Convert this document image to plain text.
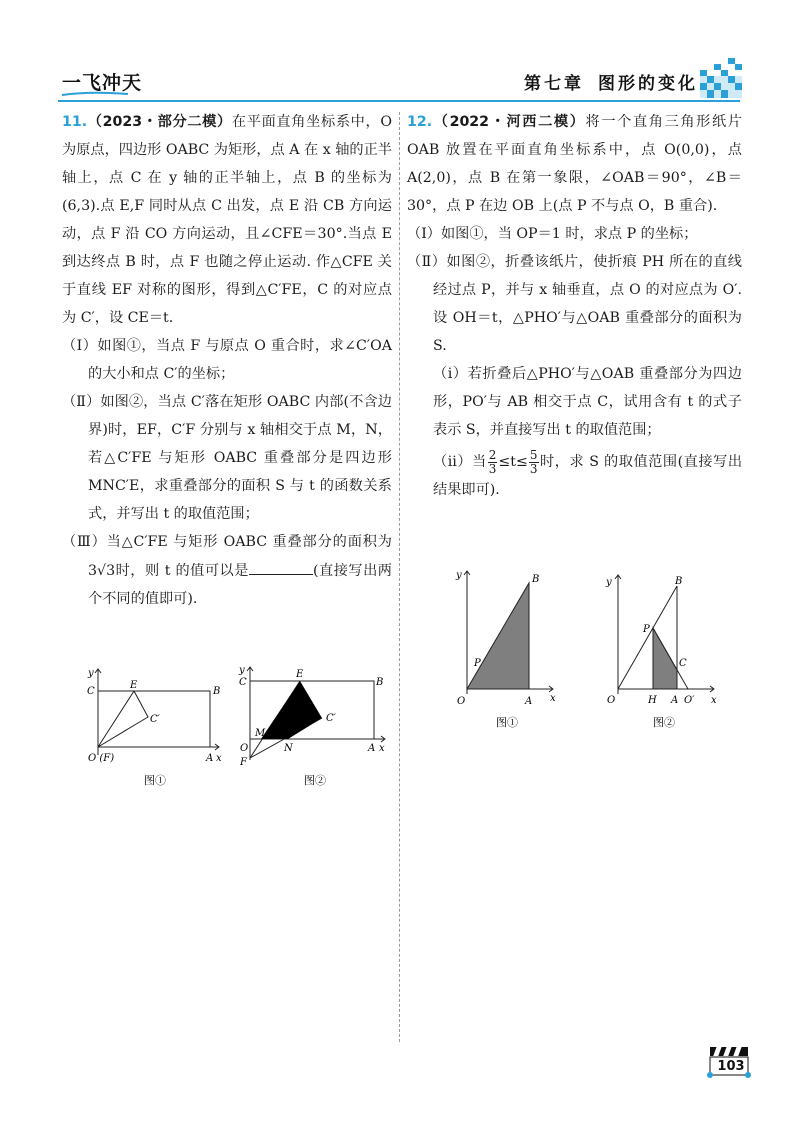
一飞冲天	第七章 图形的变化

11.（2023・部分二模）在平面直角坐标系中，O为原点，四边形 OABC 为矩形，点 A 在 x 轴的正半轴上，点 C 在 y 轴的正半轴上，点 B 的坐标为(6,3).点 E,F 同时从点 C 出发，点 E 沿 CB 方向运动，点 F 沿 CO 方向运动，且∠CFE＝30°.当点 E 到达终点 B 时，点 F 也随之停止运动. 作△CFE 关于直线 EF 对称的图形，得到△C′FE，C 的对应点为 C′，设 CE＝t.

（Ⅰ）如图①，当点 F 与原点 O 重合时，求∠C′OA 的大小和点 C′的坐标；

（Ⅱ）如图②，当点 C′落在矩形 OABC 内部(不含边界)时，EF，C′F 分别与 x 轴相交于点 M，N，若△C′FE 与矩形 OABC 重叠部分是四边形 MNC′E，求重叠部分的面积 S 与 t 的函数关系式，并写出 t 的取值范围；

（Ⅲ）当△C′FE 与矩形 OABC 重叠部分的面积为 3√3时，则 t 的值可以是	(直接写出两个不同的值即可).

y
C
E
B
C′
O (F)	A x
图①
y
C
E
B
C′
M
N
O
F
A x
图②

12.（2022・河西二模）将一个直角三角形纸片 OAB 放置在平面直角坐标系中，点 O(0,0)，点 A(2,0)，点 B 在第一象限，∠OAB＝90°，∠B＝30°，点 P 在边 OB 上(点 P 不与点 O，B 重合).

（Ⅰ）如图①，当 OP＝1 时，求点 P 的坐标；

（Ⅱ）如图②，折叠该纸片，使折痕 PH 所在的直线经过点 P，并与 x 轴垂直，点 O 的对应点为 O′. 设 OH＝t，△PHO′与△OAB 重叠部分的面积为 S.

（ⅰ）若折叠后△PHO′与△OAB 重叠部分为四边形，PO′与 AB 相交于点 C，试用含有 t 的式子表示 S，并直接写出 t 的取值范围；

（ⅱ）当 $\frac{2}{3} \le t\le \frac{5}{3}$ 时，求 S 的取值范围(直接写出结果即可).

y	B
P
O	A x
图①
y	B
P
C
O	H A O′ x
图②
103
